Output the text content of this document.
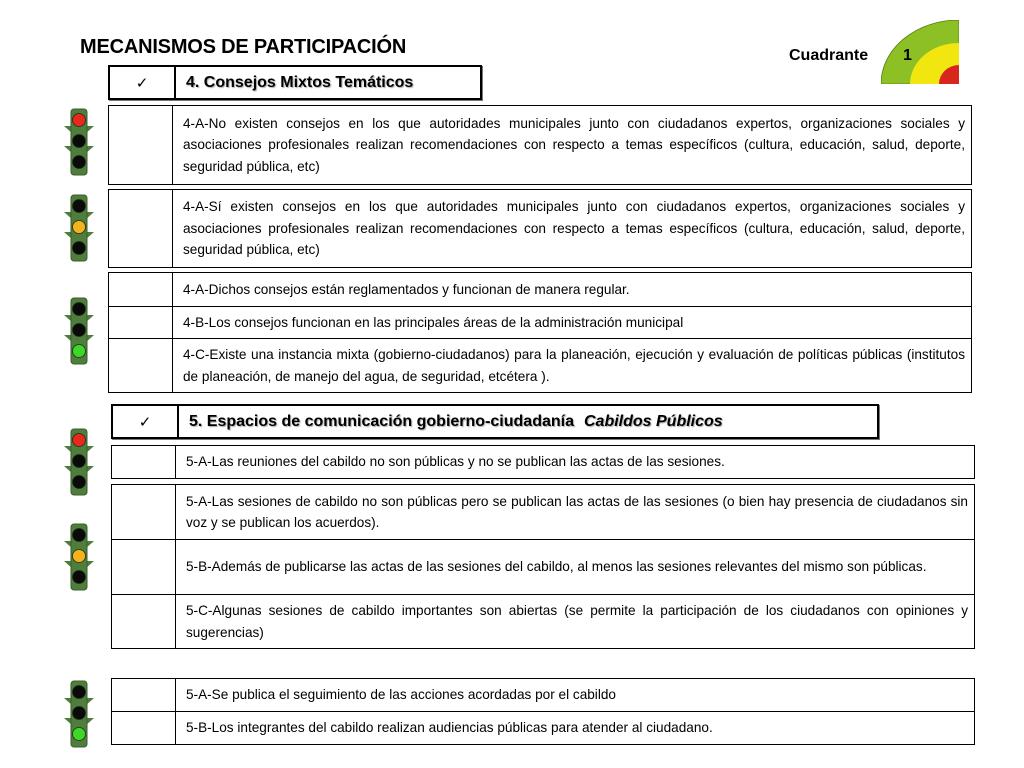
MECANISMOS DE PARTICIPACIÓN	Cuadrante 1
✓	4. Consejos Mixtos Temáticos
	4-A-No existen consejos en los que autoridades municipales junto con ciudadanos expertos, organizaciones sociales y asociaciones profesionales realizan recomendaciones con respecto a temas específicos (cultura, educación, salud, deporte, seguridad pública, etc)
	4-A-Sí existen consejos en los que autoridades municipales junto con ciudadanos expertos, organizaciones sociales y asociaciones profesionales realizan recomendaciones con respecto a temas específicos (cultura, educación, salud, deporte, seguridad pública, etc)
	4-A-Dichos consejos están reglamentados y funcionan de manera regular.
	4-B-Los consejos funcionan en las principales áreas de la administración municipal
	4-C-Existe una instancia mixta (gobierno-ciudadanos) para la planeación, ejecución y evaluación de políticas públicas (institutos de planeación, de manejo del agua, de seguridad, etcétera ).
✓	5. Espacios de comunicación gobierno-ciudadanía Cabildos Públicos
	5-A-Las reuniones del cabildo no son públicas y no se publican las actas de las sesiones.
	5-A-Las sesiones de cabildo no son públicas pero se publican las actas de las sesiones (o bien hay presencia de ciudadanos sin voz y se publican los acuerdos).
	5-B-Además de publicarse las actas de las sesiones del cabildo, al menos las sesiones relevantes del mismo son públicas.
	5-C-Algunas sesiones de cabildo importantes son abiertas (se permite la participación de los ciudadanos con opiniones y sugerencias)
	5-A-Se publica el seguimiento de las acciones acordadas por el cabildo
	5-B-Los integrantes del cabildo realizan audiencias públicas para atender al ciudadano.
